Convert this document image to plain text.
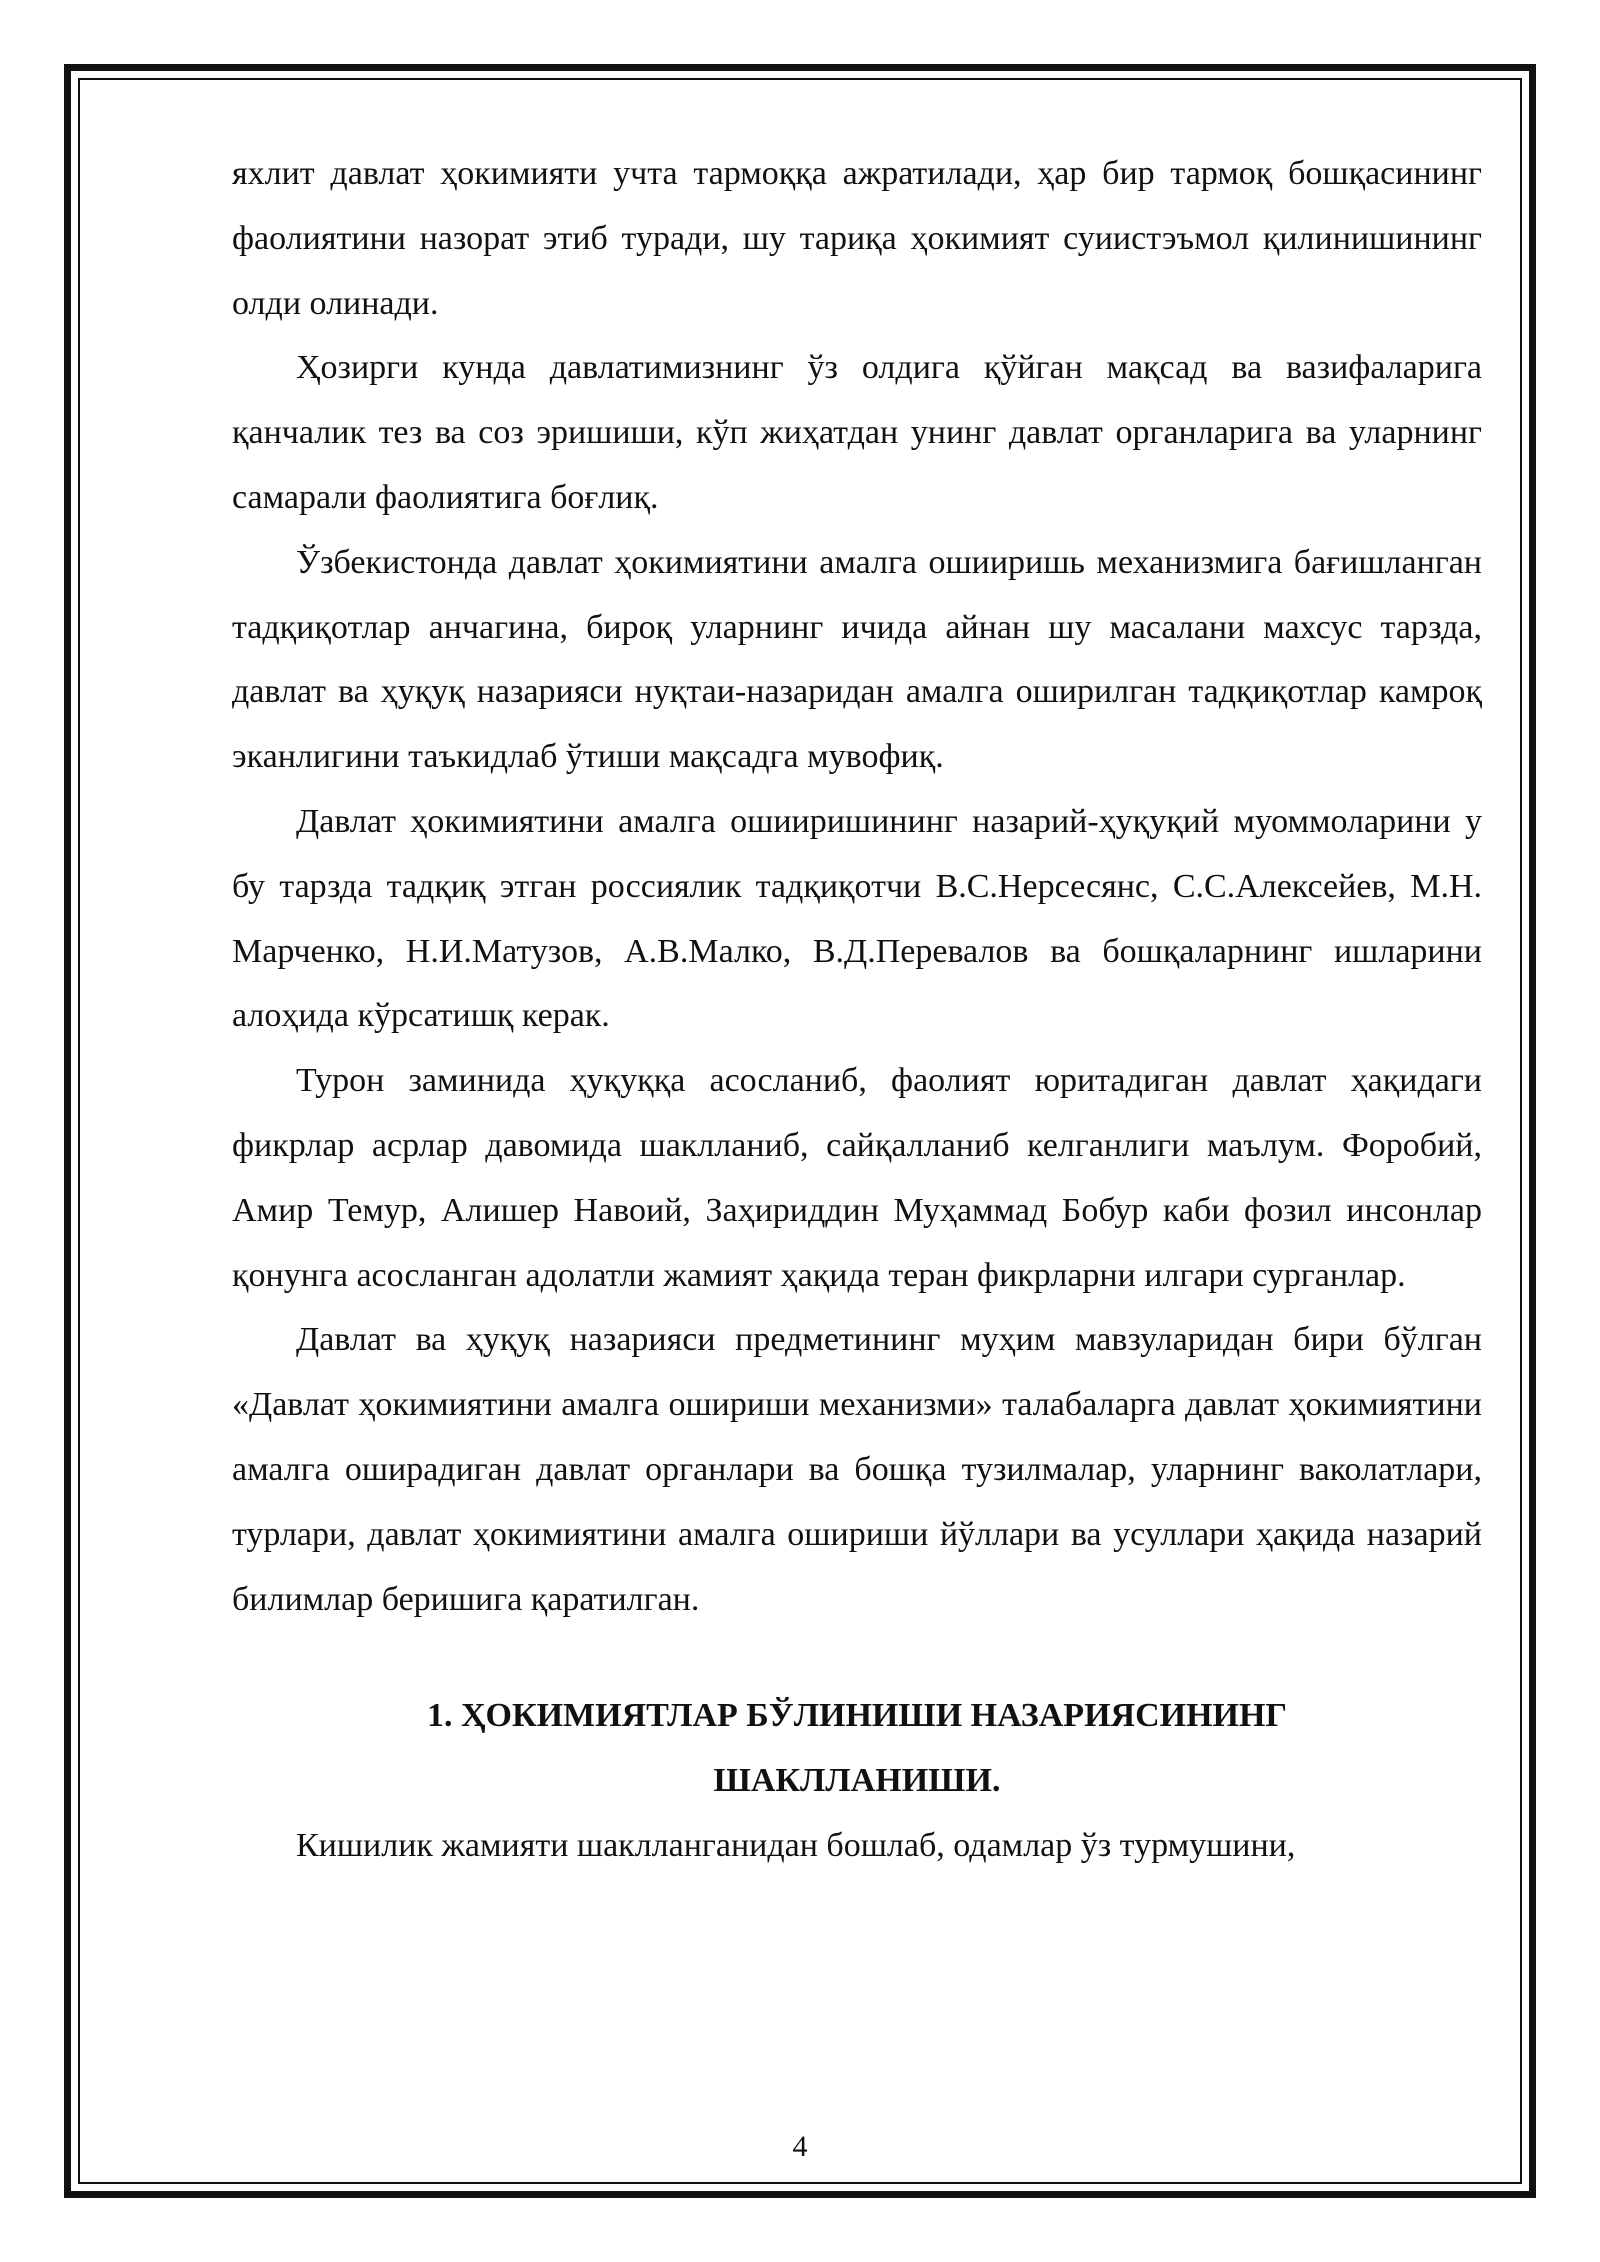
яхлит давлат ҳокимияти учта тармоққа ажратилади, ҳар бир тармоқ бошқасининг фаолиятини назорат этиб туради, шу тариқа ҳокимият суиистэъмол қилинишининг олди олинади.

Ҳозирги кунда давлатимизнинг ўз олдига қўйган мақсад ва вазифаларига қанчалик тез ва соз эришиши, кўп жиҳатдан унинг давлат органларига ва уларнинг самарали фаолиятига боғлиқ.

Ўзбекистонда давлат ҳокимиятини амалга ошииришь механизмига бағишланган тадқиқотлар анчагина, бироқ уларнинг ичида айнан шу масалани махсус тарзда, давлат ва ҳуқуқ назарияси нуқтаи-назаридан амалга оширилган тадқиқотлар камроқ эканлигини таъкидлаб ўтиши мақсадга мувофиқ.

Давлат ҳокимиятини амалга ошииришининг назарий-ҳуқуқий муоммоларини у бу тарзда тадқиқ этган россиялик тадқиқотчи В.С.Нерсесянс, С.С.Алексейев, М.Н. Марченко, Н.И.Матузов, А.В.Малко, В.Д.Перевалов ва бошқаларнинг ишларини алоҳида кўрсатишқ керак.

Турон заминида ҳуқуққа асосланиб, фаолият юритадиган давлат ҳақидаги фикрлар асрлар давомида шаклланиб, сайқалланиб келганлиги маълум. Форобий, Амир Темур, Алишер Навоий, Заҳириддин Муҳаммад Бобур каби фозил инсонлар қонунга асосланган адолатли жамият ҳақида теран фикрларни илгари сурганлар.

Давлат ва ҳуқуқ назарияси предметининг муҳим мавзуларидан бири бўлган «Давлат ҳокимиятини амалга ошириши механизми» талабаларга давлат ҳокимиятини амалга оширадиган давлат органлари ва бошқа тузилмалар, уларнинг ваколатлари, турлари, давлат ҳокимиятини амалга ошириши йўллари ва усуллари ҳақида назарий билимлар беришига қаратилган.

1. ҲОКИМИЯТЛАР БЎЛИНИШИ НАЗАРИЯСИНИНГ
ШАКЛЛАНИШИ.

Кишилик жамияти шаклланганидан бошлаб, одамлар ўз турмушини,

4
